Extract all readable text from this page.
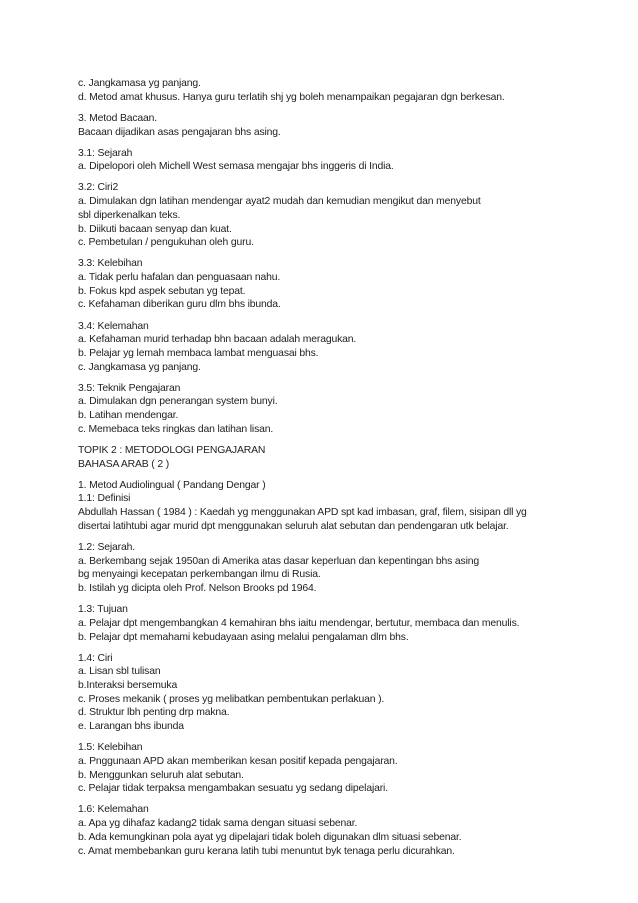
c. Jangkamasa yg panjang.
d. Metod amat khusus. Hanya guru terlatih shj yg boleh menampaikan pegajaran dgn berkesan.
3. Metod Bacaan.
Bacaan dijadikan asas pengajaran bhs asing.
3.1: Sejarah
a. Dipelopori oleh Michell West semasa mengajar bhs inggeris di India.
3.2: Ciri2
a. Dimulakan dgn latihan mendengar ayat2 mudah dan kemudian mengikut dan menyebut
sbl diperkenalkan teks.
b. Diikuti bacaan senyap dan kuat.
c. Pembetulan / pengukuhan oleh guru.
3.3: Kelebihan
a. Tidak perlu hafalan dan penguasaan nahu.
b. Fokus kpd aspek sebutan yg tepat.
c. Kefahaman diberikan guru dlm bhs ibunda.
3.4: Kelemahan
a. Kefahaman murid terhadap bhn bacaan adalah meragukan.
b. Pelajar yg lemah membaca lambat menguasai bhs.
c. Jangkamasa yg panjang.
3.5: Teknik Pengajaran
a. Dimulakan dgn penerangan system bunyi.
b. Latihan mendengar.
c. Memebaca teks ringkas dan latihan lisan.
TOPIK 2 : METODOLOGI PENGAJARAN
BAHASA ARAB ( 2 )
1. Metod Audiolingual ( Pandang Dengar )
1.1: Definisi
Abdullah Hassan ( 1984 ) : Kaedah yg menggunakan APD spt kad imbasan, graf, filem, sisipan dll yg
disertai latihtubi agar murid dpt menggunakan seluruh alat sebutan dan pendengaran utk belajar.
1.2: Sejarah.
a. Berkembang sejak 1950an di Amerika atas dasar keperluan dan kepentingan bhs asing
bg menyaingi kecepatan perkembangan ilmu di Rusia.
b. Istilah yg dicipta oleh Prof. Nelson Brooks pd 1964.
1.3: Tujuan
a. Pelajar dpt mengembangkan 4 kemahiran bhs iaitu mendengar, bertutur, membaca dan menulis.
b. Pelajar dpt memahami kebudayaan asing melalui pengalaman dlm bhs.
1.4: Ciri
a. Lisan sbl tulisan
b.Interaksi bersemuka
c. Proses mekanik ( proses yg melibatkan pembentukan perlakuan ).
d. Struktur lbh penting drp makna.
e. Larangan bhs ibunda
1.5: Kelebihan
a. Pnggunaan APD akan memberikan kesan positif kepada pengajaran.
b. Menggunkan seluruh alat sebutan.
c. Pelajar tidak terpaksa mengambakan sesuatu yg sedang dipelajari.
1.6: Kelemahan
a. Apa yg dihafaz kadang2 tidak sama dengan situasi sebenar.
b. Ada kemungkinan pola ayat yg dipelajari tidak boleh digunakan dlm situasi sebenar.
c. Amat membebankan guru kerana latih tubi menuntut byk tenaga perlu dicurahkan.
